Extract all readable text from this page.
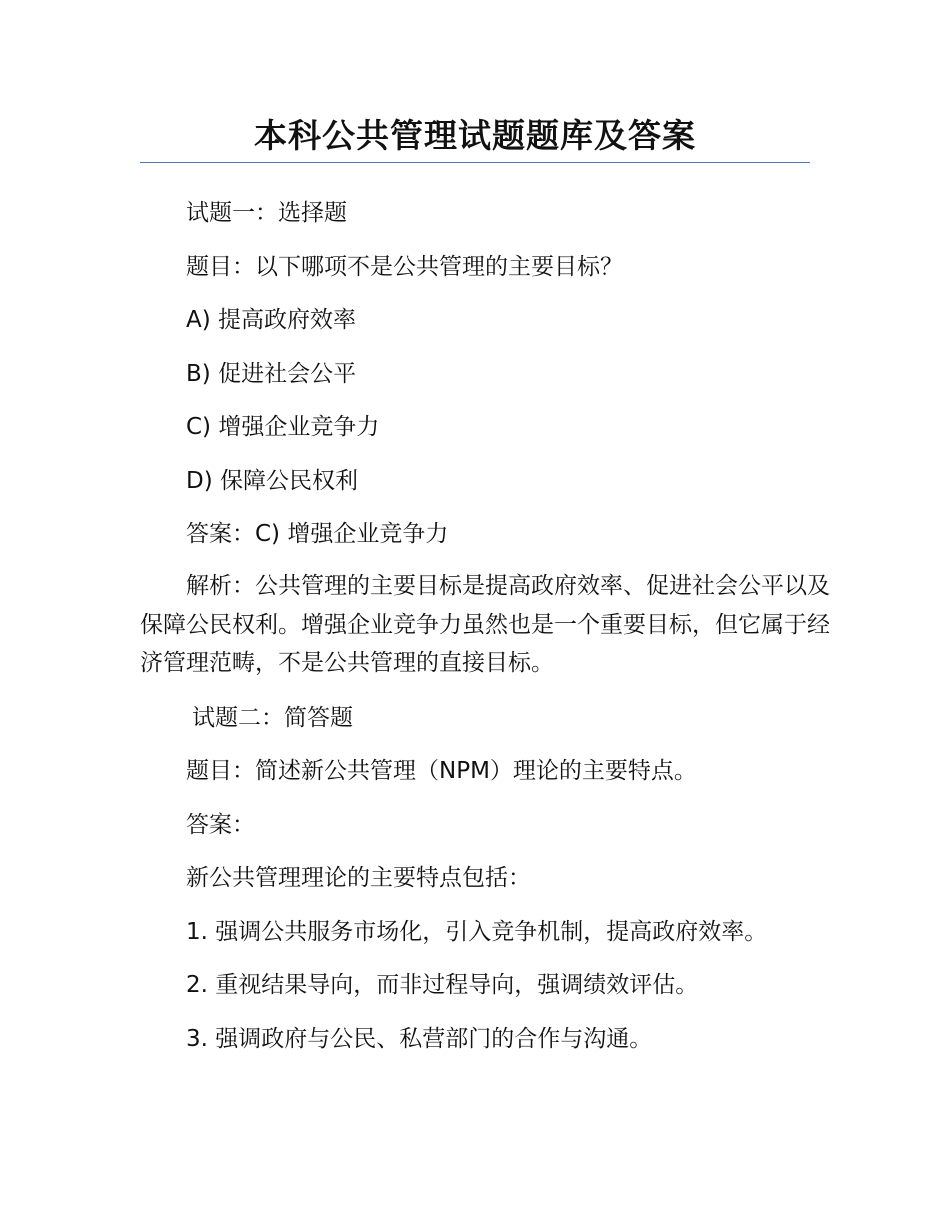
本科公共管理试题题库及答案

试题一：选择题

题目：以下哪项不是公共管理的主要目标？

A) 提高政府效率

B) 促进社会公平

C) 增强企业竞争力

D) 保障公民权利

答案：C) 增强企业竞争力

解析：公共管理的主要目标是提高政府效率、促进社会公平以及保障公民权利。增强企业竞争力虽然也是一个重要目标，但它属于经济管理范畴，不是公共管理的直接目标。

试题二：简答题

题目：简述新公共管理（NPM）理论的主要特点。

答案：

新公共管理理论的主要特点包括：

1. 强调公共服务市场化，引入竞争机制，提高政府效率。

2. 重视结果导向，而非过程导向，强调绩效评估。

3. 强调政府与公民、私营部门的合作与沟通。
